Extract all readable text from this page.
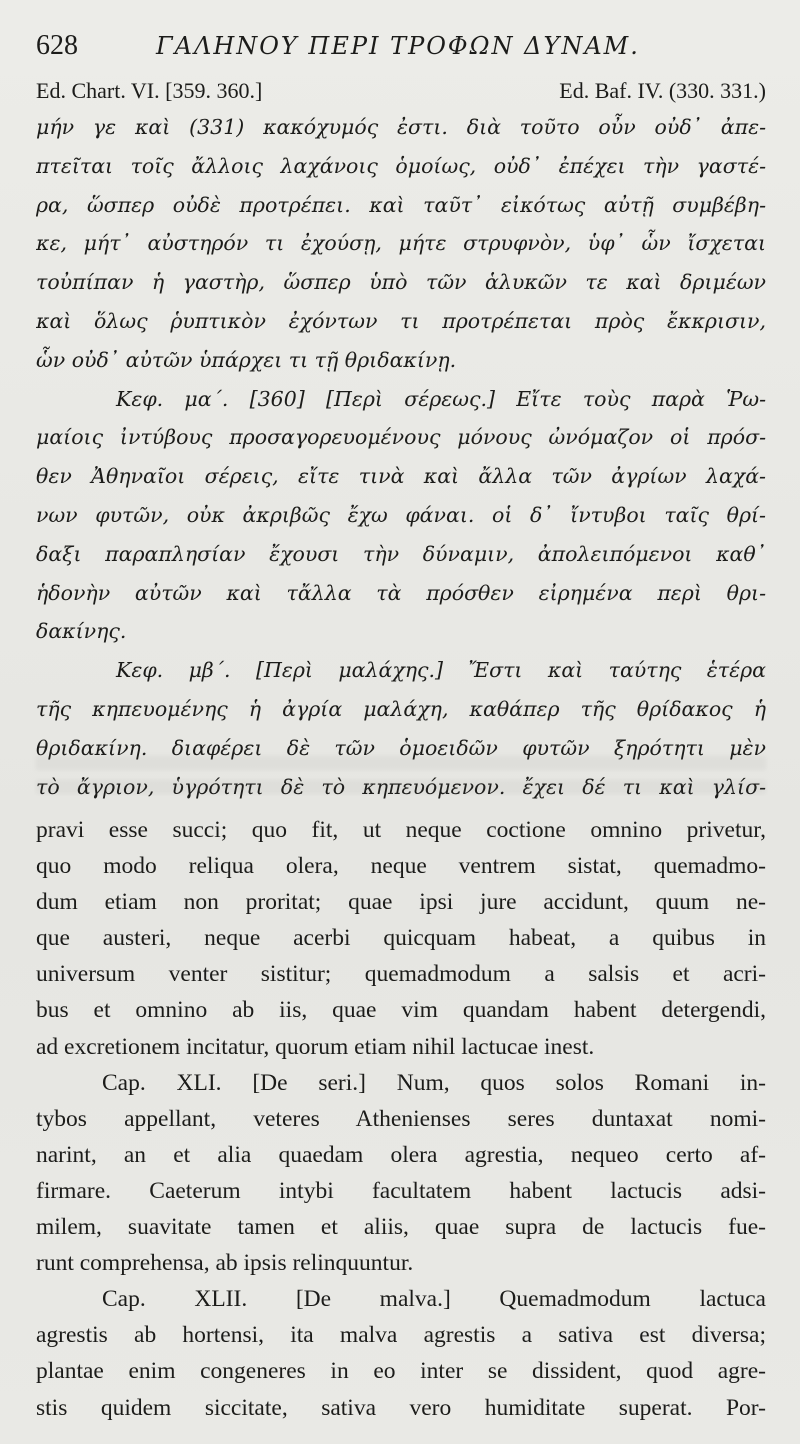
628	ΓΑΛΗΝΟΥ ΠΕΡΙ ΤΡΟΦΩΝ ΔΥΝΑΜ.
Ed. Chart. VI. [359. 360.]	Ed. Baf. IV. (330. 331.)
μήν γε καὶ (331) κακόχυμός ἐστι. διὰ τοῦτο οὖν οὐδ᾽ ἀπε-
πτεῖται τοῖς ἄλλοις λαχάνοις ὁμοίως, οὐδ᾽ ἐπέχει τὴν γαστέ-
ρα, ὥσπερ οὐδὲ προτρέπει. καὶ ταῦτ᾽ εἰκότως αὐτῇ συμβέβη-
κε, μήτ᾽ αὐστηρόν τι ἐχούσῃ, μήτε στρυφνὸν, ὑφ᾽ ὧν ἴσχεται
τοὐπίπαν ἡ γαστὴρ, ὥσπερ ὑπὸ τῶν ἁλυκῶν τε καὶ δριμέων
καὶ ὅλως ῥυπτικὸν ἐχόντων τι προτρέπεται πρὸς ἔκκρισιν,
ὧν οὐδ᾽ αὐτῶν ὑπάρχει τι τῇ θριδακίνῃ.
Κεφ. μα΄. [360] [Περὶ σέρεως.] Εἴτε τοὺς παρὰ Ῥω-
μαίοις ἰντύβους προσαγορευομένους μόνους ὠνόμαζον οἱ πρόσ-
θεν Ἀθηναῖοι σέρεις, εἴτε τινὰ καὶ ἄλλα τῶν ἀγρίων λαχά-
νων φυτῶν, οὐκ ἀκριβῶς ἔχω φάναι. οἱ δ᾽ ἴντυβοι ταῖς θρί-
δαξι παραπλησίαν ἔχουσι τὴν δύναμιν, ἀπολειπόμενοι καθ᾽
ἡδονὴν αὐτῶν καὶ τἄλλα τὰ πρόσθεν εἰρημένα περὶ θρι-
δακίνης.
Κεφ. μβ΄. [Περὶ μαλάχης.] Ἔστι καὶ ταύτης ἑτέρα
τῆς κηπευομένης ἡ ἀγρία μαλάχη, καθάπερ τῆς θρίδακος ἡ
θριδακίνη. διαφέρει δὲ τῶν ὁμοειδῶν φυτῶν ξηρότητι μὲν
τὸ ἄγριον, ὑγρότητι δὲ τὸ κηπευόμενον. ἔχει δέ τι καὶ γλίσ-
pravi esse succi; quo fit, ut neque coctione omnino privetur,
quo modo reliqua olera, neque ventrem sistat, quemadmo-
dum etiam non proritat; quae ipsi jure accidunt, quum ne-
que austeri, neque acerbi quicquam habeat, a quibus in
universum venter sistitur; quemadmodum a salsis et acri-
bus et omnino ab iis, quae vim quandam habent detergendi,
ad excretionem incitatur, quorum etiam nihil lactucae inest.
Cap. XLI. [De seri.] Num, quos solos Romani in-
tybos appellant, veteres Athenienses seres duntaxat nomi-
narint, an et alia quaedam olera agrestia, nequeo certo af-
firmare. Caeterum intybi facultatem habent lactucis adsi-
milem, suavitate tamen et aliis, quae supra de lactucis fue-
runt comprehensa, ab ipsis relinquuntur.
Cap. XLII. [De malva.] Quemadmodum lactuca
agrestis ab hortensi, ita malva agrestis a sativa est diversa;
plantae enim congeneres in eo inter se dissident, quod agre-
stis quidem siccitate, sativa vero humiditate superat. Por-
